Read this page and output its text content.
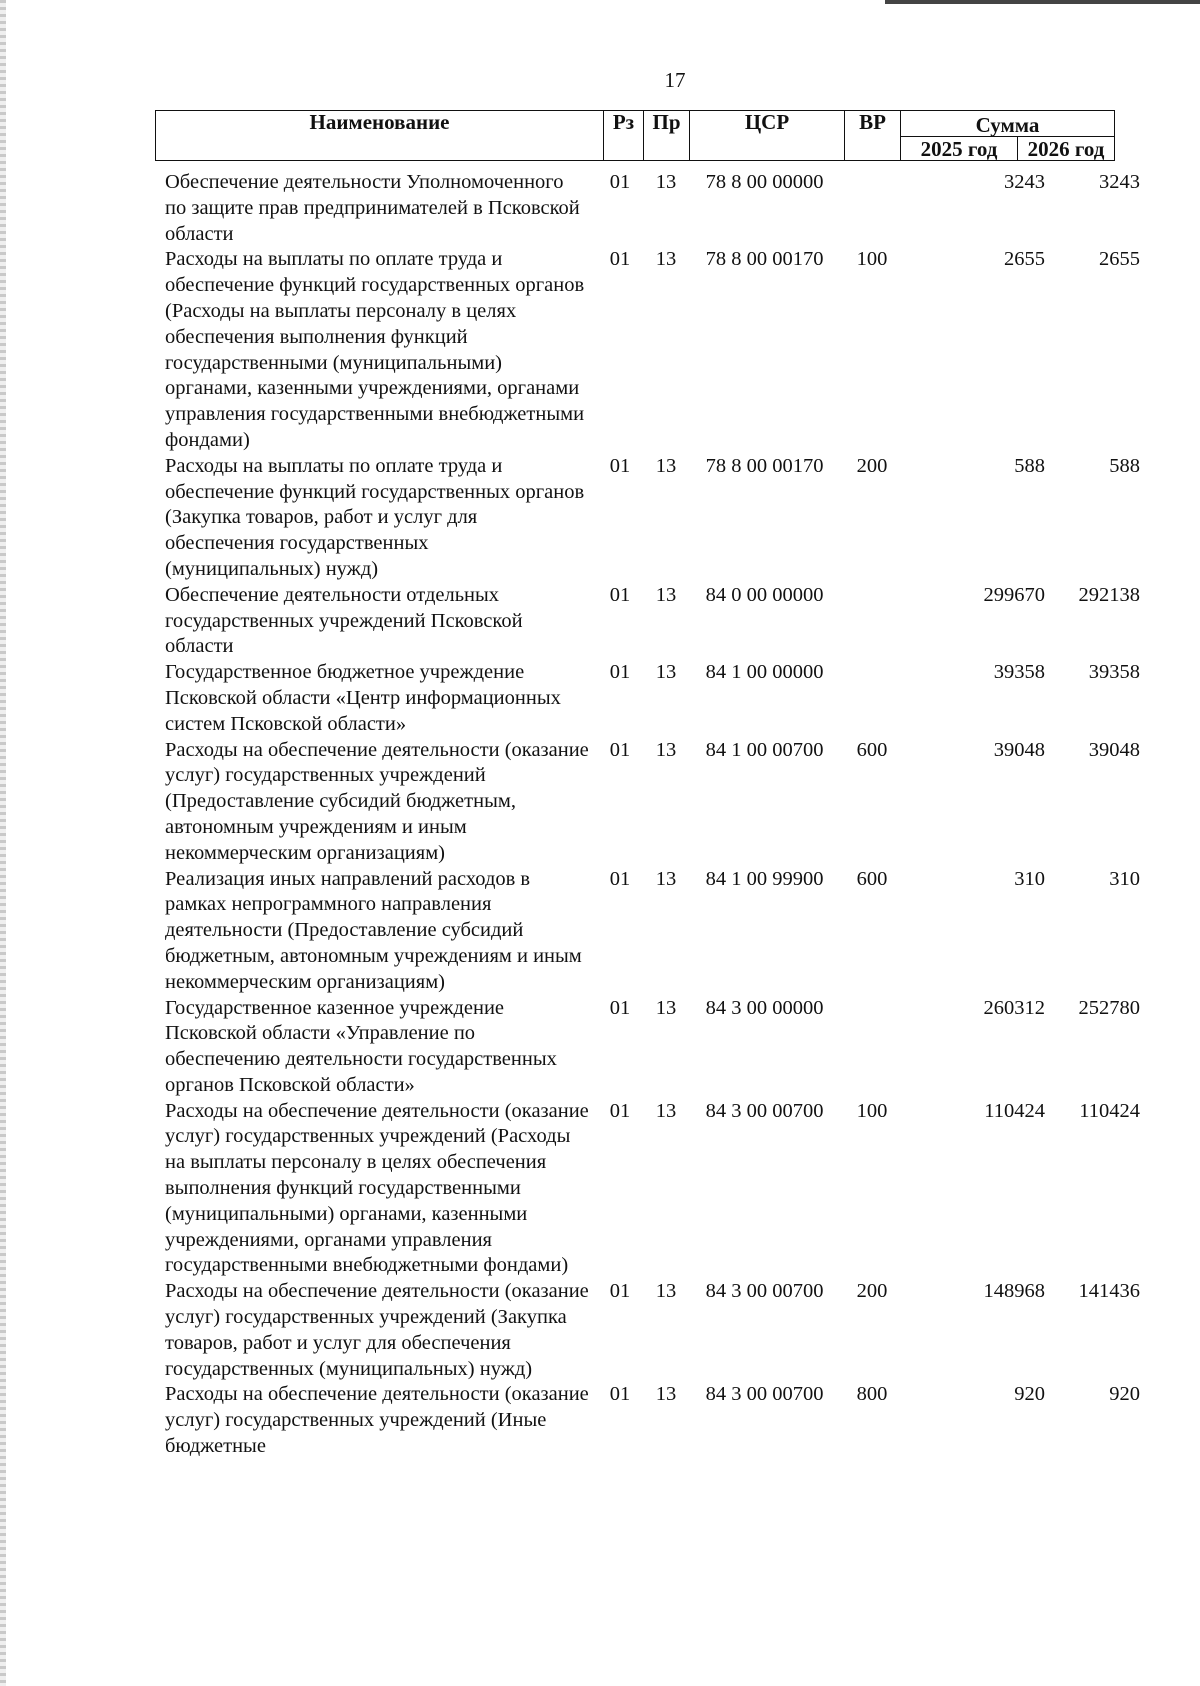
17
Наименование	Рз	Пр	ЦСР	ВР	Сумма	
					2025 год	2026 год
Обеспечение деятельности Уполномоченного по защите прав предпринимателей в Псковской области	01	13	78 8 00 00000		3243	3243
Расходы на выплаты по оплате труда и обеспечение функций государственных органов (Расходы на выплаты персоналу в целях обеспечения выполнения функций государственными (муниципальными) органами, казенными учреждениями, органами управления государственными внебюджетными фондами)	01	13	78 8 00 00170	100	2655	2655
Расходы на выплаты по оплате труда и обеспечение функций государственных органов (Закупка товаров, работ и услуг для обеспечения государственных (муниципальных) нужд)	01	13	78 8 00 00170	200	588	588
Обеспечение деятельности отдельных государственных учреждений Псковской области	01	13	84 0 00 00000		299670	292138
Государственное бюджетное учреждение Псковской области «Центр информационных систем Псковской области»	01	13	84 1 00 00000		39358	39358
Расходы на обеспечение деятельности (оказание услуг) государственных учреждений (Предоставление субсидий бюджетным, автономным учреждениям и иным некоммерческим организациям)	01	13	84 1 00 00700	600	39048	39048
Реализация иных направлений расходов в рамках непрограммного направления деятельности (Предоставление субсидий бюджетным, автономным учреждениям и иным некоммерческим организациям)	01	13	84 1 00 99900	600	310	310
Государственное казенное учреждение Псковской области «Управление по обеспечению деятельности государственных органов Псковской области»	01	13	84 3 00 00000		260312	252780
Расходы на обеспечение деятельности (оказание услуг) государственных учреждений (Расходы на выплаты персоналу в целях обеспечения выполнения функций государственными (муниципальными) органами, казенными учреждениями, органами управления государственными внебюджетными фондами)	01	13	84 3 00 00700	100	110424	110424
Расходы на обеспечение деятельности (оказание услуг) государственных учреждений (Закупка товаров, работ и услуг для обеспечения государственных (муниципальных) нужд)	01	13	84 3 00 00700	200	148968	141436
Расходы на обеспечение деятельности (оказание услуг) государственных учреждений (Иные бюджетные	01	13	84 3 00 00700	800	920	920
